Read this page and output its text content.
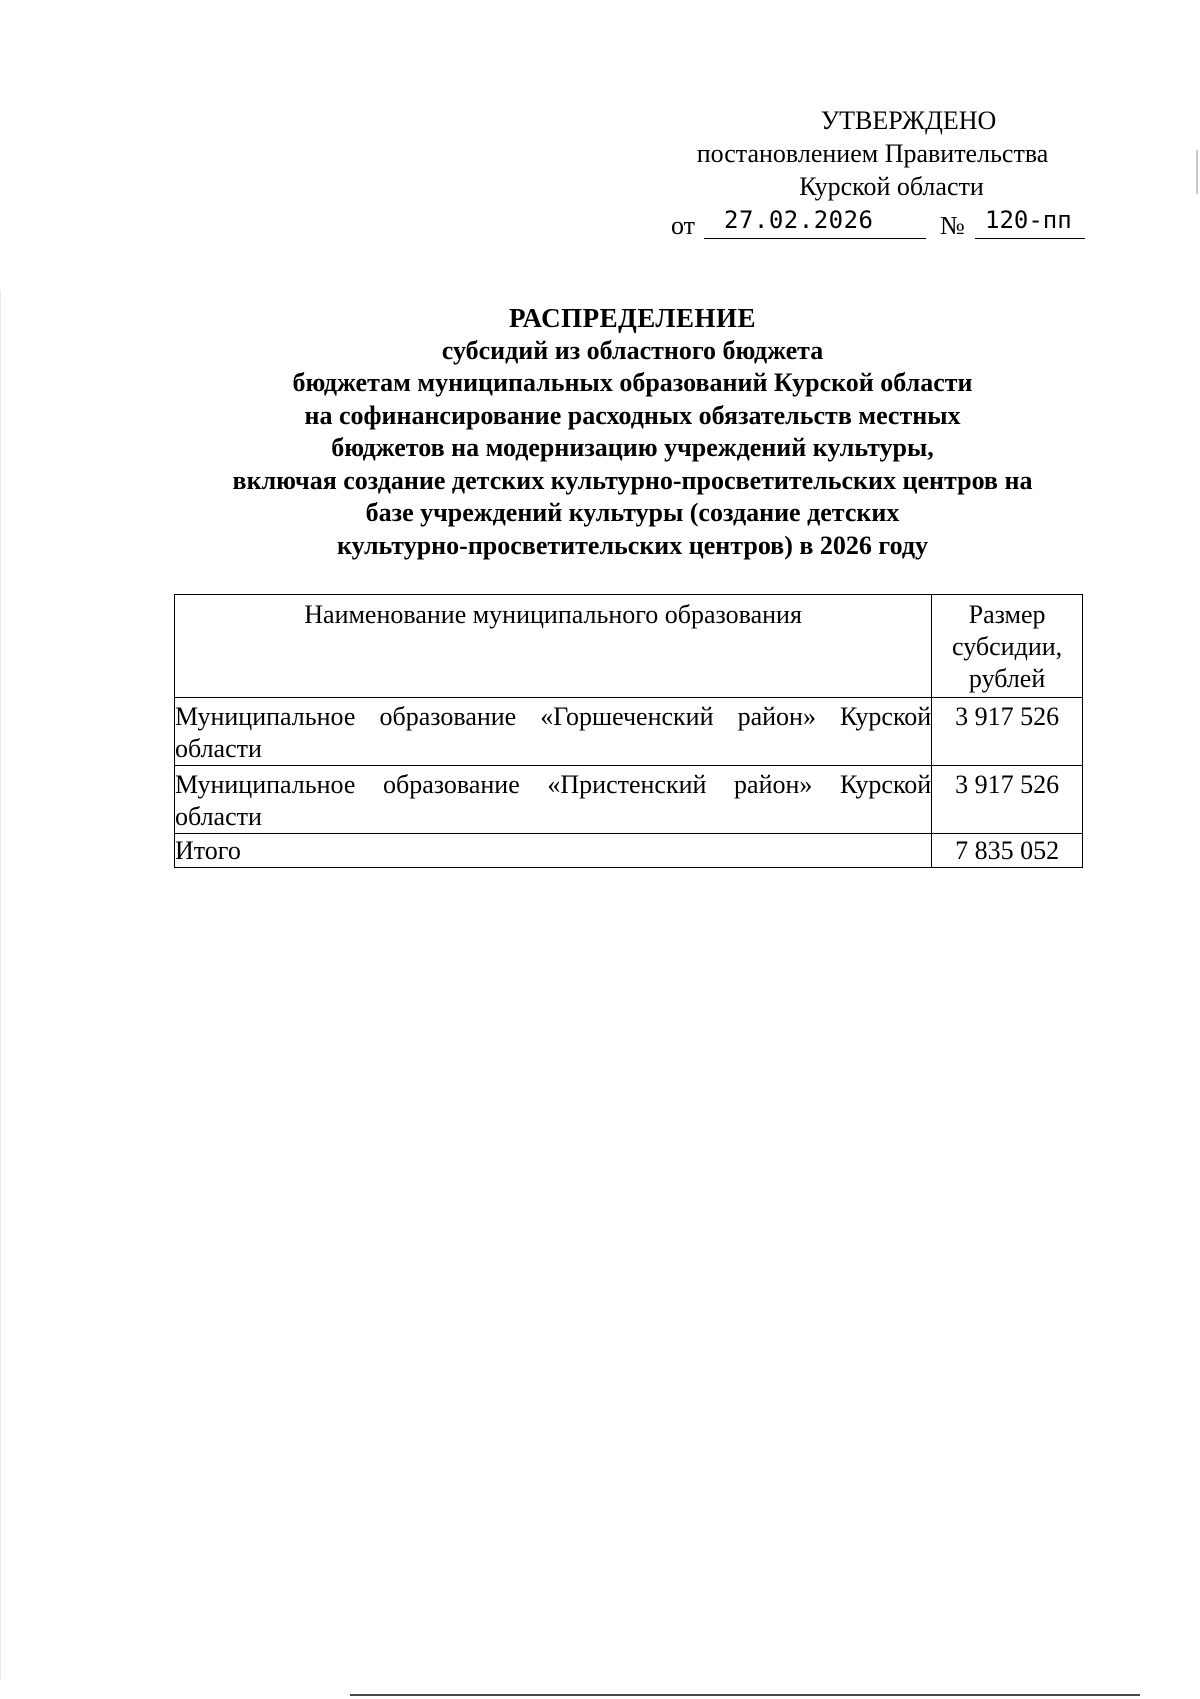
УТВЕРЖДЕНО
постановлением Правительства
Курской области
от	27.02.2026	№ 120-пп
РАСПРЕДЕЛЕНИЕ
субсидий из областного бюджета
бюджетам муниципальных образований Курской области
на софинансирование расходных обязательств местных
бюджетов на модернизацию учреждений культуры,
включая создание детских культурно-просветительских центров на
базе учреждений культуры (создание детских
культурно-просветительских центров) в 2026 году
Наименование муниципального образования	Размер субсидии, рублей
Муниципальное образование «Горшеченский район» Курской области	3 917 526
Муниципальное образование «Пристенский район» Курской области	3 917 526
Итого	7 835 052
